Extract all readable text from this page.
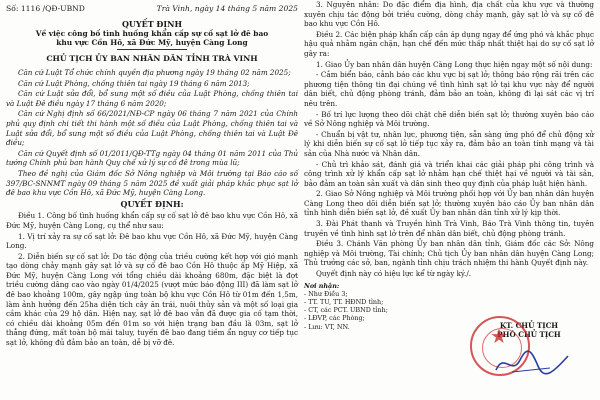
Số: 1116 /QĐ-UBND	Trà Vinh, ngày 14 tháng 5 năm 2025
QUYẾT ĐỊNH
Về việc công bố tình huống khẩn cấp sự cố sạt lở đê bao
khu vực Cồn Hô, xã Đức Mỹ, huyện Càng Long
CHỦ TỊCH ỦY BAN NHÂN DÂN TỈNH TRÀ VINH

Căn cứ Luật Tổ chức chính quyền địa phương ngày 19 tháng 02 năm 2025;

Căn cứ Luật Phòng, chống thiên tai ngày 19 tháng 6 năm 2013;

Căn cứ Luật sửa đổi, bổ sung một số điều của Luật Phòng, chống thiên tai và Luật Đê điều ngày 17 tháng 6 năm 2020;

Căn cứ Nghị định số 66/2021/NĐ-CP ngày 06 tháng 7 năm 2021 của Chính phủ quy định chi tiết thi hành một số điều của Luật Phòng, chống thiên tai và Luật sửa đổi, bổ sung một số điều của Luật Phòng, chống thiên tai và Luật Đê điều;

Căn cứ Quyết định số 01/2011/QĐ-TTg ngày 04 tháng 01 năm 2011 của Thủ tướng Chính phủ ban hành Quy chế xử lý sự cố đê trong mùa lũ;

Theo đề nghị của Giám đốc Sở Nông nghiệp và Môi trường tại Báo cáo số 397/BC-SNNMT ngày 09 tháng 5 năm 2025 đề xuất giải pháp khắc phục sạt lở đê bao khu vực Cồn Hô, xã Đức Mỹ, huyện Càng Long.

QUYẾT ĐỊNH:

Điều 1. Công bố tình huống khẩn cấp sự cố sạt lở đê bao khu vực Cồn Hô, xã Đức Mỹ, huyện Càng Long, cụ thể như sau:

1. Vị trí xảy ra sự cố sạt lở: Đê bao khu vực Cồn Hô, xã Đức Mỹ, huyện Càng Long.

2. Diễn biến sự cố sạt lở: Do tác động của triều cường kết hợp với gió mạnh tạo dòng chảy mạnh gây sạt lở và sự cố đê bao Cồn Hô thuộc ấp Mỹ Hiệp, xã Đức Mỹ, huyện Càng Long với tổng chiều dài khoảng 680m, đặc biệt là đợt triều cường dâng cao vào ngày 01/4/2025 (vượt mức báo động III) đã làm sạt lở đê bao khoảng 100m, gây ngập úng toàn bộ khu vực Cồn Hô từ 01m đến 1,5m, làm ảnh hưởng đến 25ha diện tích cây ăn trái, nuôi thủy sản và một số loại gia cầm khác của 29 hộ dân. Hiện nay, sạt lở đê bao vẫn đã được gia cố tạm thời, có chiều dài khoảng 05m đến 01m so với hiện trạng ban đầu là 03m, sạt lở thẳng đứng, mất toàn bộ mái taluy, tuyến đê bao đang tiềm ẩn nguy cơ tiếp tục sạt lở, không đủ đảm bảo an toàn, dễ bị vỡ đê.

3. Nguyên nhân: Do đặc điểm địa hình, địa chất của khu vực và thường xuyên chịu tác động bởi triều cường, dòng chảy mạnh, gây sạt lở và sự cố đê bao khu vực Cồn Hô.

Điều 2. Các biện pháp khẩn cấp cần áp dụng ngay để ứng phó và khắc phục hậu quả nhằm ngăn chặn, hạn chế đến mức thấp nhất thiệt hại do sự cố sạt lở gây ra:

1. Giao Ủy ban nhân dân huyện Càng Long thực hiện ngay một số nội dung:

- Cắm biển báo, cảnh báo các khu vực bị sạt lở; thông báo rộng rãi trên các phương tiện thông tin đại chúng về tình hình sạt lở tại khu vực này để người dân biết, chủ động phòng tránh, đảm bảo an toàn, không đi lại sát các vị trí nêu trên.

- Bố trí lực lượng theo dõi chặt chẽ diễn biến sạt lở; thường xuyên báo cáo về Sở Nông nghiệp và Môi trường.

- Chuẩn bị vật tư, nhân lực, phương tiện, sẵn sàng ứng phó để chủ động xử lý khi diễn biến sự cố sạt lở tiếp tục xảy ra, đảm bảo an toàn tính mạng và tài sản của Nhà nước và Nhân dân.

- Chủ trì khảo sát, đánh giá và triển khai các giải pháp phi công trình và công trình xử lý khẩn cấp sạt lở nhằm hạn chế thiệt hại về người và tài sản, bảo đảm an toàn sản xuất và dân sinh theo quy định của pháp luật hiện hành.

2. Giao Sở Nông nghiệp và Môi trường phối hợp với Ủy ban nhân dân huyện Càng Long theo dõi diễn biến sạt lở; thường xuyên báo cáo Ủy ban nhân dân tỉnh hình diễn biến sạt lở, đề xuất Ủy ban nhân dân tỉnh xử lý kịp thời.

3. Đài Phát thanh và Truyền hình Trà Vinh, Báo Trà Vinh thông tin, tuyên truyền về tình hình sạt lở trên để nhân dân biết, chủ động phòng tránh.

Điều 3. Chánh Văn phòng Ủy ban nhân dân tỉnh, Giám đốc các Sở: Nông nghiệp và Môi trường, Tài chính; Chủ tịch Ủy ban nhân dân huyện Càng Long; Thủ trưởng các sở, ban, ngành tỉnh chịu trách nhiệm thi hành Quyết định này.

Quyết định này có hiệu lực kể từ ngày ký./.

Nơi nhận:
- Như Điều 3;
- TT. TU, TT. HĐND tỉnh;
- CT, các PCT. UBND tỉnh;
- LĐVP, các Phòng;
- Lưu: VT, NN.	KT. CHỦ TỊCH
PHÓ CHỦ TỊCH
★
